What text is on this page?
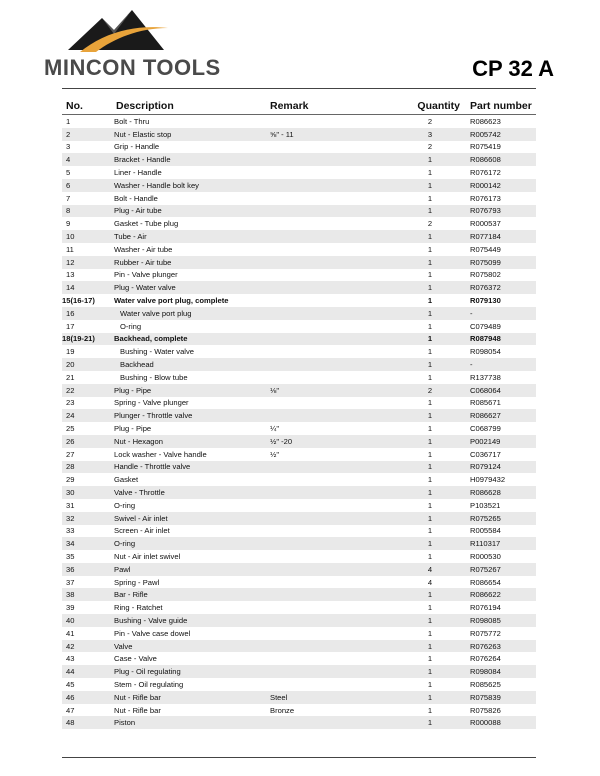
MINCON TOOLS	CP 32 A
No.	Description	Remark	Quantity	Part number
1	Bolt - Thru		2	R086623
2	Nut - Elastic stop	⅝" - 11	3	R005742
3	Grip - Handle		2	R075419
4	Bracket - Handle		1	R086608
5	Liner - Handle		1	R076172
6	Washer - Handle bolt key		1	R000142
7	Bolt - Handle		1	R076173
8	Plug - Air tube		1	R076793
9	Gasket - Tube plug		2	R000537
10	Tube - Air		1	R077184
11	Washer - Air tube		1	R075449
12	Rubber - Air tube		1	R075099
13	Pin - Valve plunger		1	R075802
14	Plug - Water valve		1	R076372
15(16-17)	Water valve port plug, complete		1	R079130
16	Water valve port plug		1	-
17	O-ring		1	C079489
18(19-21)	Backhead, complete		1	R087948
19	Bushing - Water valve		1	R098054
20	Backhead		1	-
21	Bushing - Blow tube		1	R137738
22	Plug - Pipe	⅛"	2	C068064
23	Spring - Valve plunger		1	R085671
24	Plunger - Throttle valve		1	R086627
25	Plug - Pipe	¼"	1	C068799
26	Nut - Hexagon	½" -20	1	P002149
27	Lock washer - Valve handle	½"	1	C036717
28	Handle - Throttle valve		1	R079124
29	Gasket		1	H0979432
30	Valve - Throttle		1	R086628
31	O-ring		1	P103521
32	Swivel - Air inlet		1	R075265
33	Screen - Air inlet		1	R005584
34	O-ring		1	R110317
35	Nut - Air inlet swivel		1	R000530
36	Pawl		4	R075267
37	Spring - Pawl		4	R086654
38	Bar - Rifle		1	R086622
39	Ring - Ratchet		1	R076194
40	Bushing - Valve guide		1	R098085
41	Pin - Valve case dowel		1	R075772
42	Valve		1	R076263
43	Case - Valve		1	R076264
44	Plug - Oil regulating		1	R098084
45	Stem - Oil regulating		1	R085625
46	Nut - Rifle bar	Steel	1	R075839
47	Nut - Rifle bar	Bronze	1	R075826
48	Piston		1	R000088
